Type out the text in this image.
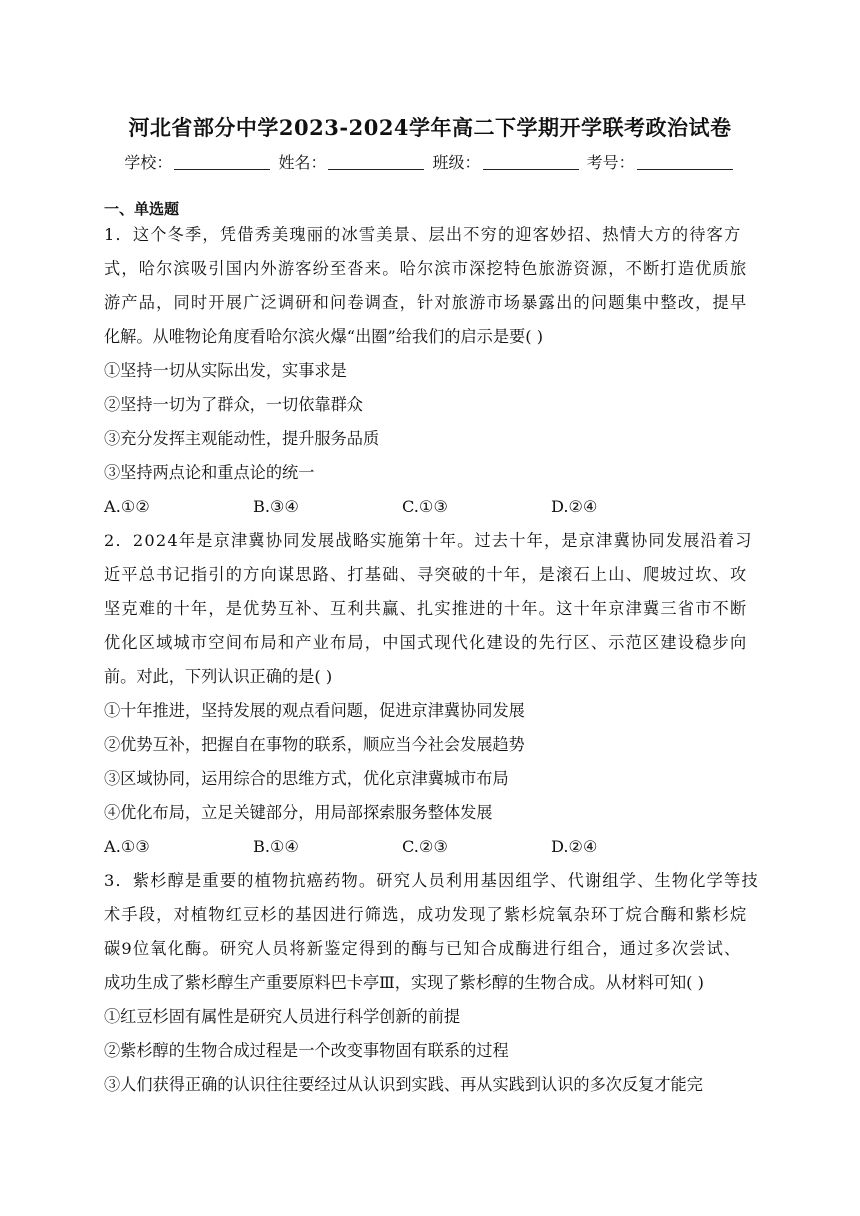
河北省部分中学2023-2024学年高二下学期开学联考政治试卷
学校：	姓名：	班级：	考号：
一、单选题
1．这个冬季，凭借秀美瑰丽的冰雪美景、层出不穷的迎客妙招、热情大方的待客方
式，哈尔滨吸引国内外游客纷至沓来。哈尔滨市深挖特色旅游资源，不断打造优质旅
游产品，同时开展广泛调研和问卷调查，针对旅游市场暴露出的问题集中整改，提早
化解。从唯物论角度看哈尔滨火爆“出圈”给我们的启示是要( )
①坚持一切从实际出发，实事求是
②坚持一切为了群众，一切依靠群众
③充分发挥主观能动性，提升服务品质
③坚持两点论和重点论的统一
A.①②	B.③④	C.①③	D.②④
2．2024年是京津冀协同发展战略实施第十年。过去十年，是京津冀协同发展沿着习
近平总书记指引的方向谋思路、打基础、寻突破的十年，是滚石上山、爬坡过坎、攻
坚克难的十年，是优势互补、互利共赢、扎实推进的十年。这十年京津冀三省市不断
优化区域城市空间布局和产业布局，中国式现代化建设的先行区、示范区建设稳步向
前。对此，下列认识正确的是( )
①十年推进，坚持发展的观点看问题，促进京津冀协同发展
②优势互补，把握自在事物的联系，顺应当今社会发展趋势
③区域协同，运用综合的思维方式，优化京津冀城市布局
④优化布局，立足关键部分，用局部探索服务整体发展
A.①③	B.①④	C.②③	D.②④
3．紫杉醇是重要的植物抗癌药物。研究人员利用基因组学、代谢组学、生物化学等技
术手段，对植物红豆杉的基因进行筛选，成功发现了紫杉烷氧杂环丁烷合酶和紫杉烷
碳9位氧化酶。研究人员将新鉴定得到的酶与已知合成酶进行组合，通过多次尝试、
成功生成了紫杉醇生产重要原料巴卡亭Ⅲ，实现了紫杉醇的生物合成。从材料可知( )
①红豆杉固有属性是研究人员进行科学创新的前提
②紫杉醇的生物合成过程是一个改变事物固有联系的过程
③人们获得正确的认识往往要经过从认识到实践、再从实践到认识的多次反复才能完
